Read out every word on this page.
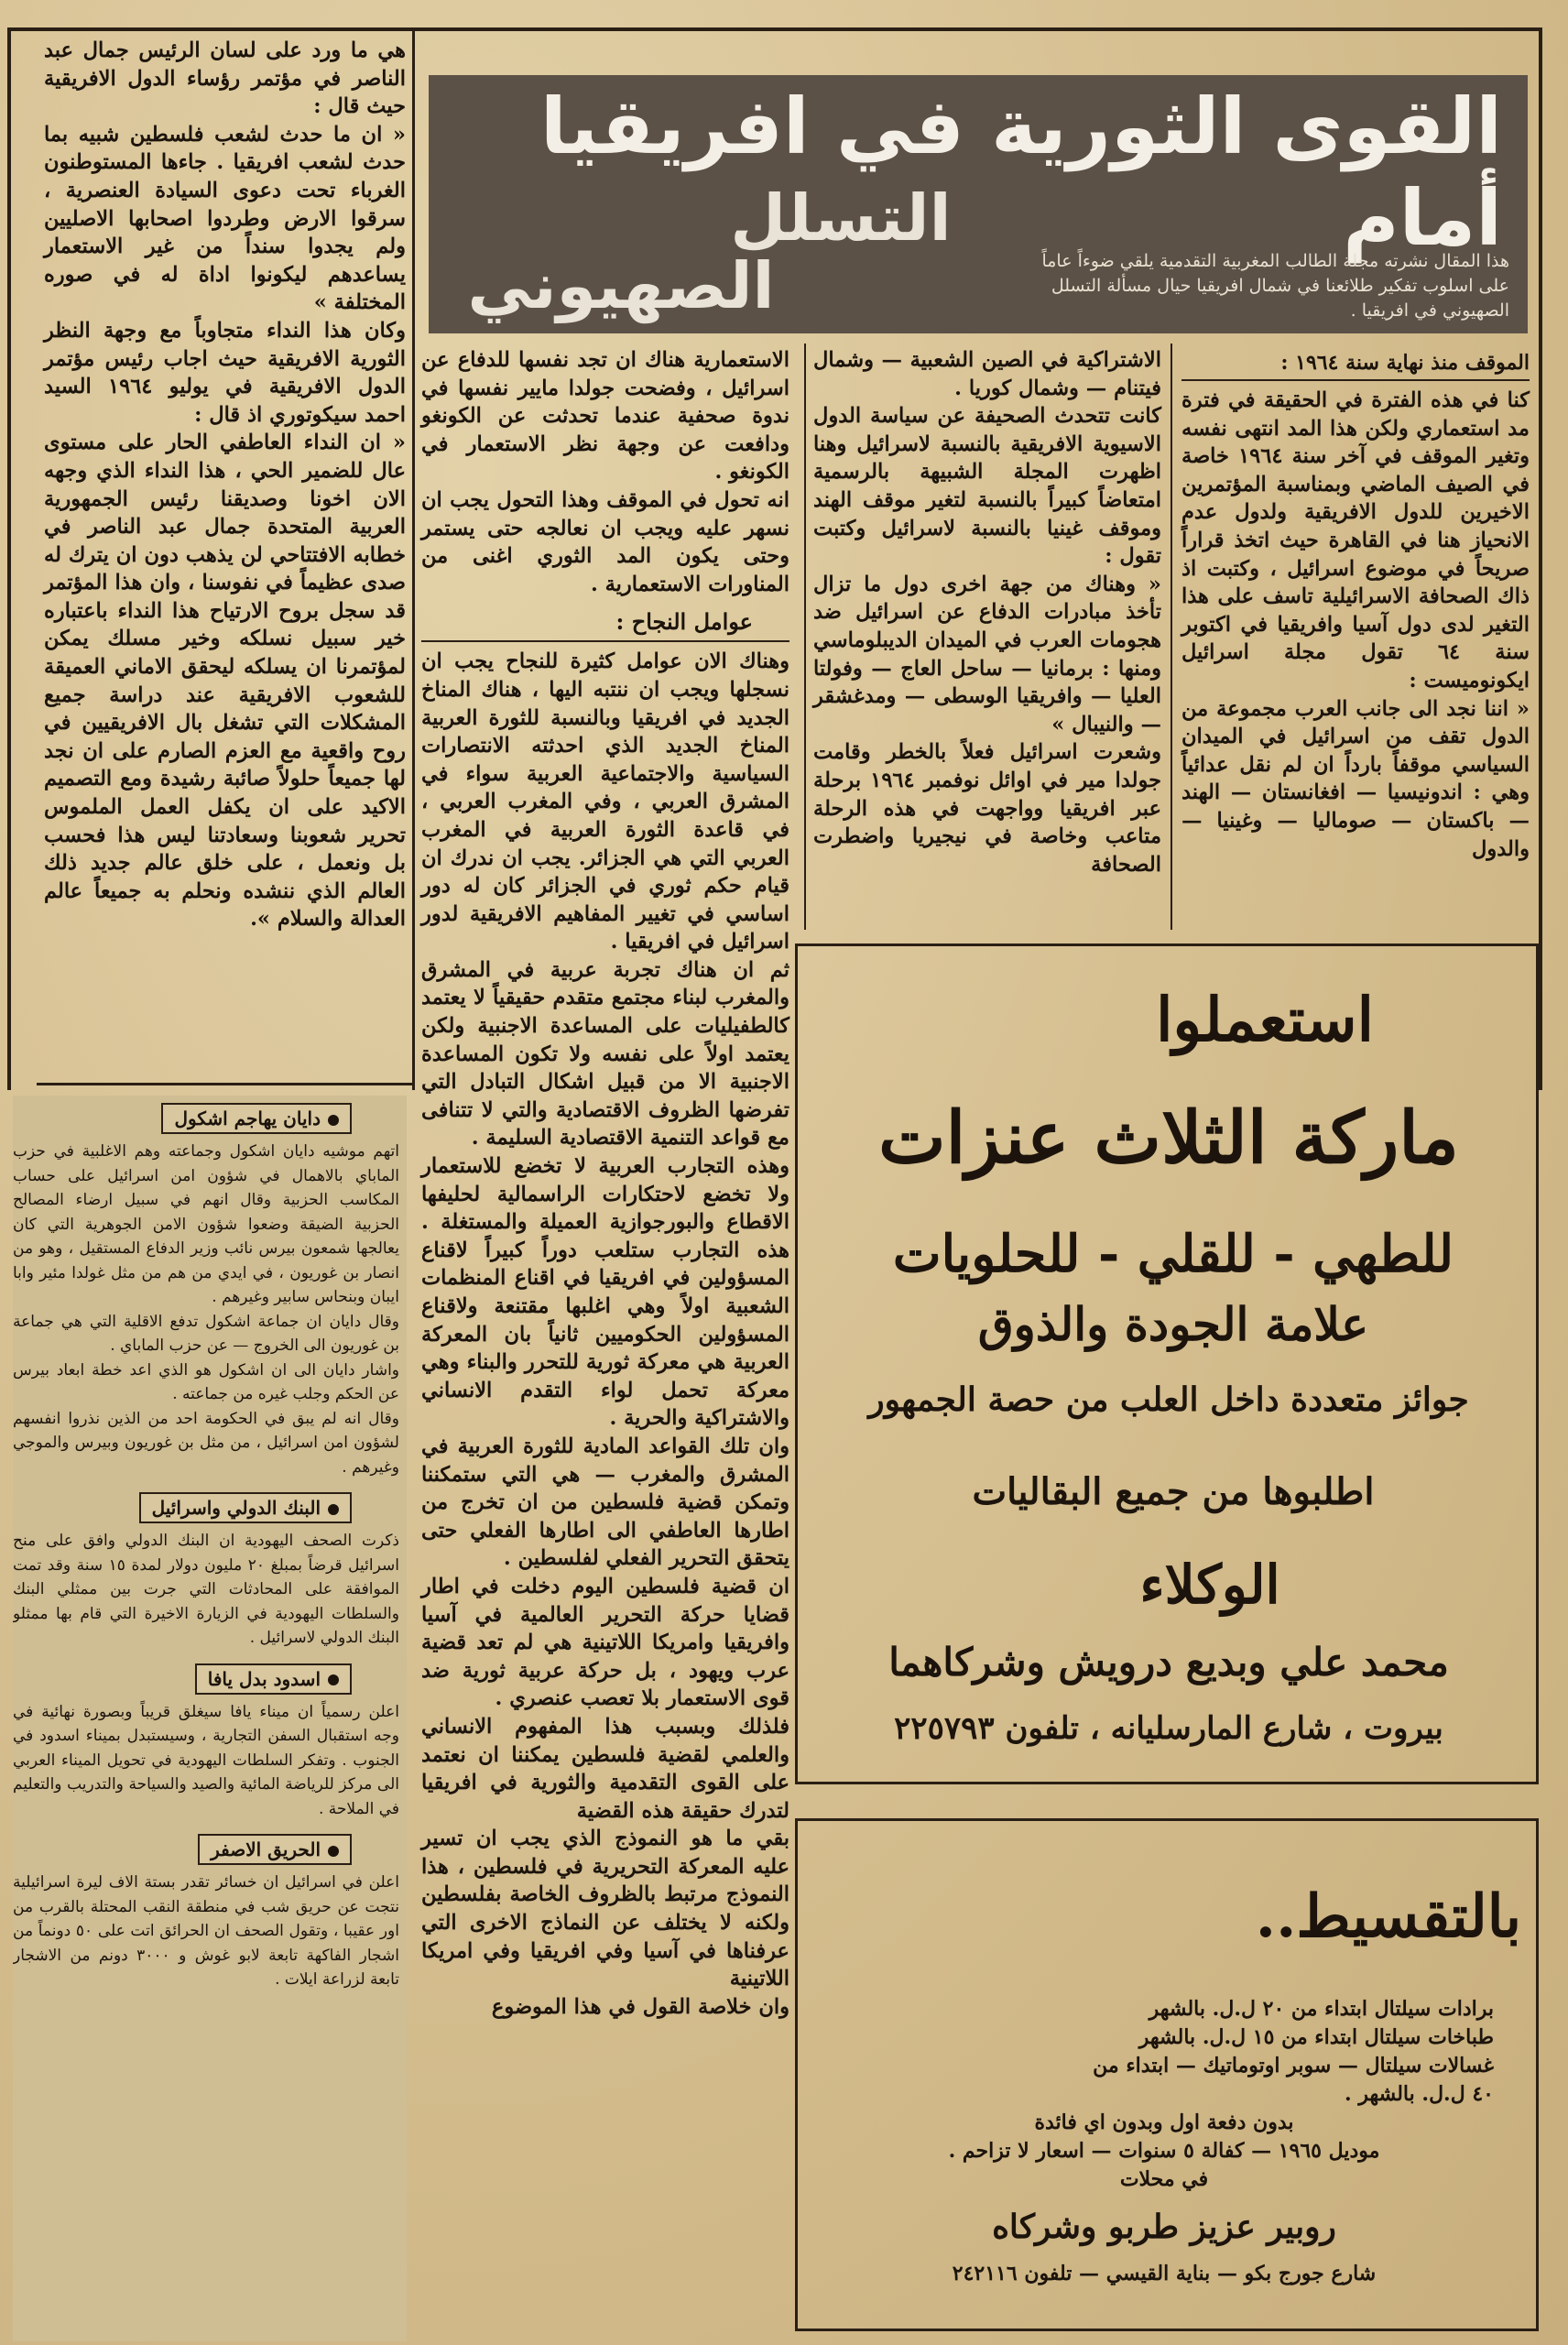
القوى الثورية في افريقيا أمام
التسلل
الصهيوني	هذا المقال نشرته مجلة الطالب المغربية التقدمية يلقي ضوءاً عاماً على اسلوب تفكير طلائعنا في شمال افريقيا حيال مسألة التسلل الصهيوني في افريقيا .
الموقف منذ نهاية سنة ١٩٦٤ :
كنا في هذه الفترة في الحقيقة في فترة مد استعماري ولكن هذا المد انتهى نفسه وتغير الموقف في آخر سنة ١٩٦٤ خاصة في الصيف الماضي وبمناسبة المؤتمرين الاخيرين للدول الافريقية ولدول عدم الانحياز هنا في القاهرة حيث اتخذ قراراً صريحاً في موضوع اسرائيل ، وكتبت اذ ذاك الصحافة الاسرائيلية تاسف على هذا التغير لدى دول آسيا وافريقيا في اكتوبر سنة ٦٤ تقول مجلة اسرائيل ايكونوميست :
« اننا نجد الى جانب العرب مجموعة من الدول تقف من اسرائيل في الميدان السياسي موقفاً بارداً ان لم نقل عدائياً وهي : اندونيسيا — افغانستان — الهند — باكستان — صوماليا — وغينيا — والدول
الاشتراكية في الصين الشعبية — وشمال فيتنام — وشمال كوريا .
كانت تتحدث الصحيفة عن سياسة الدول الاسيوية الافريقية بالنسبة لاسرائيل وهنا اظهرت المجلة الشبيهة بالرسمية امتعاضاً كبيراً بالنسبة لتغير موقف الهند وموقف غينيا بالنسبة لاسرائيل وكتبت تقول :
« وهناك من جهة اخرى دول ما تزال تأخذ مبادرات الدفاع عن اسرائيل ضد هجومات العرب في الميدان الديبلوماسي ومنها : برمانيا — ساحل العاج — وفولتا العليا — وافريقيا الوسطى — ومدغشقر — والنيبال »
وشعرت اسرائيل فعلاً بالخطر وقامت جولدا مير في اوائل نوفمبر ١٩٦٤ برحلة عبر افريقيا وواجهت في هذه الرحلة متاعب وخاصة في نيجيريا واضطرت الصحافة
الاستعمارية هناك ان تجد نفسها للدفاع عن اسرائيل ، وفضحت جولدا مايير نفسها في ندوة صحفية عندما تحدثت عن الكونغو ودافعت عن وجهة نظر الاستعمار في الكونغو .
انه تحول في الموقف وهذا التحول يجب ان نسهر عليه ويجب ان نعالجه حتى يستمر وحتى يكون المد الثوري اغنى من المناورات الاستعمارية .
عوامل النجاح :
وهناك الان عوامل كثيرة للنجاح يجب ان نسجلها ويجب ان ننتبه اليها ، هناك المناخ الجديد في افريقيا وبالنسبة للثورة العربية المناخ الجديد الذي احدثته الانتصارات السياسية والاجتماعية العربية سواء في المشرق العربي ، وفي المغرب العربي ، في قاعدة الثورة العربية في المغرب العربي التي هي الجزائر. يجب ان ندرك ان قيام حكم ثوري في الجزائر كان له دور اساسي في تغيير المفاهيم الافريقية لدور اسرائيل في افريقيا .
ثم ان هناك تجربة عربية في المشرق والمغرب لبناء مجتمع متقدم حقيقياً لا يعتمد كالطفيليات على المساعدة الاجنبية ولكن يعتمد اولاً على نفسه ولا تكون المساعدة الاجنبية الا من قبيل اشكال التبادل التي تفرضها الظروف الاقتصادية والتي لا تتنافى مع قواعد التنمية الاقتصادية السليمة .
وهذه التجارب العربية لا تخضع للاستعمار ولا تخضع لاحتكارات الراسمالية لحليفها الاقطاع والبورجوازية العميلة والمستغلة . هذه التجارب ستلعب دوراً كبيراً لاقناع المسؤولين في افريقيا في اقناع المنظمات الشعبية اولاً وهي اغلبها مقتنعة ولاقناع المسؤولين الحكوميين ثانياً بان المعركة العربية هي معركة ثورية للتحرر والبناء وهي معركة تحمل لواء التقدم الانساني والاشتراكية والحرية .
وان تلك القواعد المادية للثورة العربية في المشرق والمغرب — هي التي ستمكننا وتمكن قضية فلسطين من ان تخرج من اطارها العاطفي الى اطارها الفعلي حتى يتحقق التحرير الفعلي لفلسطين .
ان قضية فلسطين اليوم دخلت في اطار قضايا حركة التحرير العالمية في آسيا وافريقيا وامريكا اللاتينية هي لم تعد قضية عرب ويهود ، بل حركة عربية ثورية ضد قوى الاستعمار بلا تعصب عنصري .
فلذلك وبسبب هذا المفهوم الانساني والعلمي لقضية فلسطين يمكننا ان نعتمد على القوى التقدمية والثورية في افريقيا لتدرك حقيقة هذه القضية
بقي ما هو النموذج الذي يجب ان تسير عليه المعركة التحريرية في فلسطين ، هذا النموذج مرتبط بالظروف الخاصة بفلسطين ولكنه لا يختلف عن النماذج الاخرى التي عرفناها في آسيا وفي افريقيا وفي امريكا اللاتينية
وان خلاصة القول في هذا الموضوع
هي ما ورد على لسان الرئيس جمال عبد الناصر في مؤتمر رؤساء الدول الافريقية حيث قال :
« ان ما حدث لشعب فلسطين شبيه بما حدث لشعب افريقيا . جاءها المستوطنون الغرباء تحت دعوى السيادة العنصرية ، سرقوا الارض وطردوا اصحابها الاصليين ولم يجدوا سنداً من غير الاستعمار يساعدهم ليكونوا اداة له في صوره المختلفة »
وكان هذا النداء متجاوباً مع وجهة النظر الثورية الافريقية حيث اجاب رئيس مؤتمر الدول الافريقية في يوليو ١٩٦٤ السيد احمد سيكوتوري اذ قال :
« ان النداء العاطفي الحار على مستوى عال للضمير الحي ، هذا النداء الذي وجهه الان اخونا وصديقنا رئيس الجمهورية العربية المتحدة جمال عبد الناصر في خطابه الافتتاحي لن يذهب دون ان يترك له صدى عظيماً في نفوسنا ، وان هذا المؤتمر قد سجل بروح الارتياح هذا النداء باعتباره خير سبيل نسلكه وخير مسلك يمكن لمؤتمرنا ان يسلكه ليحقق الاماني العميقة للشعوب الافريقية عند دراسة جميع المشكلات التي تشغل بال الافريقيين في روح واقعية مع العزم الصارم على ان نجد لها جميعاً حلولاً صائبة رشيدة ومع التصميم الاكيد على ان يكفل العمل الملموس تحرير شعوبنا وسعادتنا ليس هذا فحسب بل ونعمل ، على خلق عالم جديد ذلك العالم الذي ننشده ونحلم به جميعاً عالم العدالة والسلام ».
دايان يهاجم اشكول
اتهم موشيه دايان اشكول وجماعته وهم الاغلبية في حزب الماباي بالاهمال في شؤون امن اسرائيل على حساب المكاسب الحزبية وقال انهم في سبيل ارضاء المصالح الحزبية الضيقة وضعوا شؤون الامن الجوهرية التي كان يعالجها شمعون بيرس نائب وزير الدفاع المستقيل ، وهو من انصار بن غوريون ، في ايدي من هم من مثل غولدا مئير وابا ايبان وبنحاس سابير وغيرهم .
وقال دايان ان جماعة اشكول تدفع الاقلية التي هي جماعة بن غوريون الى الخروج — عن حزب الماباي .
واشار دايان الى ان اشكول هو الذي اعد خطة ابعاد بيرس عن الحكم وجلب غيره من جماعته .
وقال انه لم يبق في الحكومة احد من الذين نذروا انفسهم لشؤون امن اسرائيل ، من مثل بن غوريون وبيرس والموجي وغيرهم .
البنك الدولي واسرائيل
ذكرت الصحف اليهودية ان البنك الدولي وافق على منح اسرائيل قرضاً بمبلغ ٢٠ مليون دولار لمدة ١٥ سنة وقد تمت الموافقة على المحادثات التي جرت بين ممثلي البنك والسلطات اليهودية في الزيارة الاخيرة التي قام بها ممثلو البنك الدولي لاسرائيل .
اسدود بدل يافا
اعلن رسمياً ان ميناء يافا سيغلق قريباً وبصورة نهائية في وجه استقبال السفن التجارية ، وسيستبدل بميناء اسدود في الجنوب . وتفكر السلطات اليهودية في تحويل الميناء العربي الى مركز للرياضة المائية والصيد والسياحة والتدريب والتعليم في الملاحة .
الحريق الاصفر
اعلن في اسرائيل ان خسائر تقدر بستة الاف ليرة اسرائيلية نتجت عن حريق شب في منطقة النقب المحتلة بالقرب من اور عقيبا ، وتقول الصحف ان الحرائق اتت على ٥٠ دونماً من اشجار الفاكهة تابعة لابو غوش و ٣٠٠٠ دونم من الاشجار تابعة لزراعة ايلات .
استعملوا
ماركة الثلاث عنزات
للطهي - للقلي - للحلويات
علامة الجودة والذوق
جوائز متعددة داخل العلب من حصة الجمهور
اطلبوها من جميع البقاليات
الوكلاء
محمد علي وبديع درويش وشركاهما
بيروت ، شارع المارسليانه ، تلفون ٢٢٥٧٩٣
بالتقسيط..
برادات سيلتال ابتداء من ٢٠ ل.ل. بالشهر
طباخات سيلتال ابتداء من ١٥ ل.ل. بالشهر
غسالات سيلتال — سوبر اوتوماتيك — ابتداء من
٤٠ ل.ل. بالشهر .
بدون دفعة اول وبدون اي فائدة
موديل ١٩٦٥ — كفالة ٥ سنوات — اسعار لا تزاحم .
في محلات
روبير عزيز طربو وشركاه
شارع جورج بكو — بناية القيسي — تلفون ٢٤٢١١٦
